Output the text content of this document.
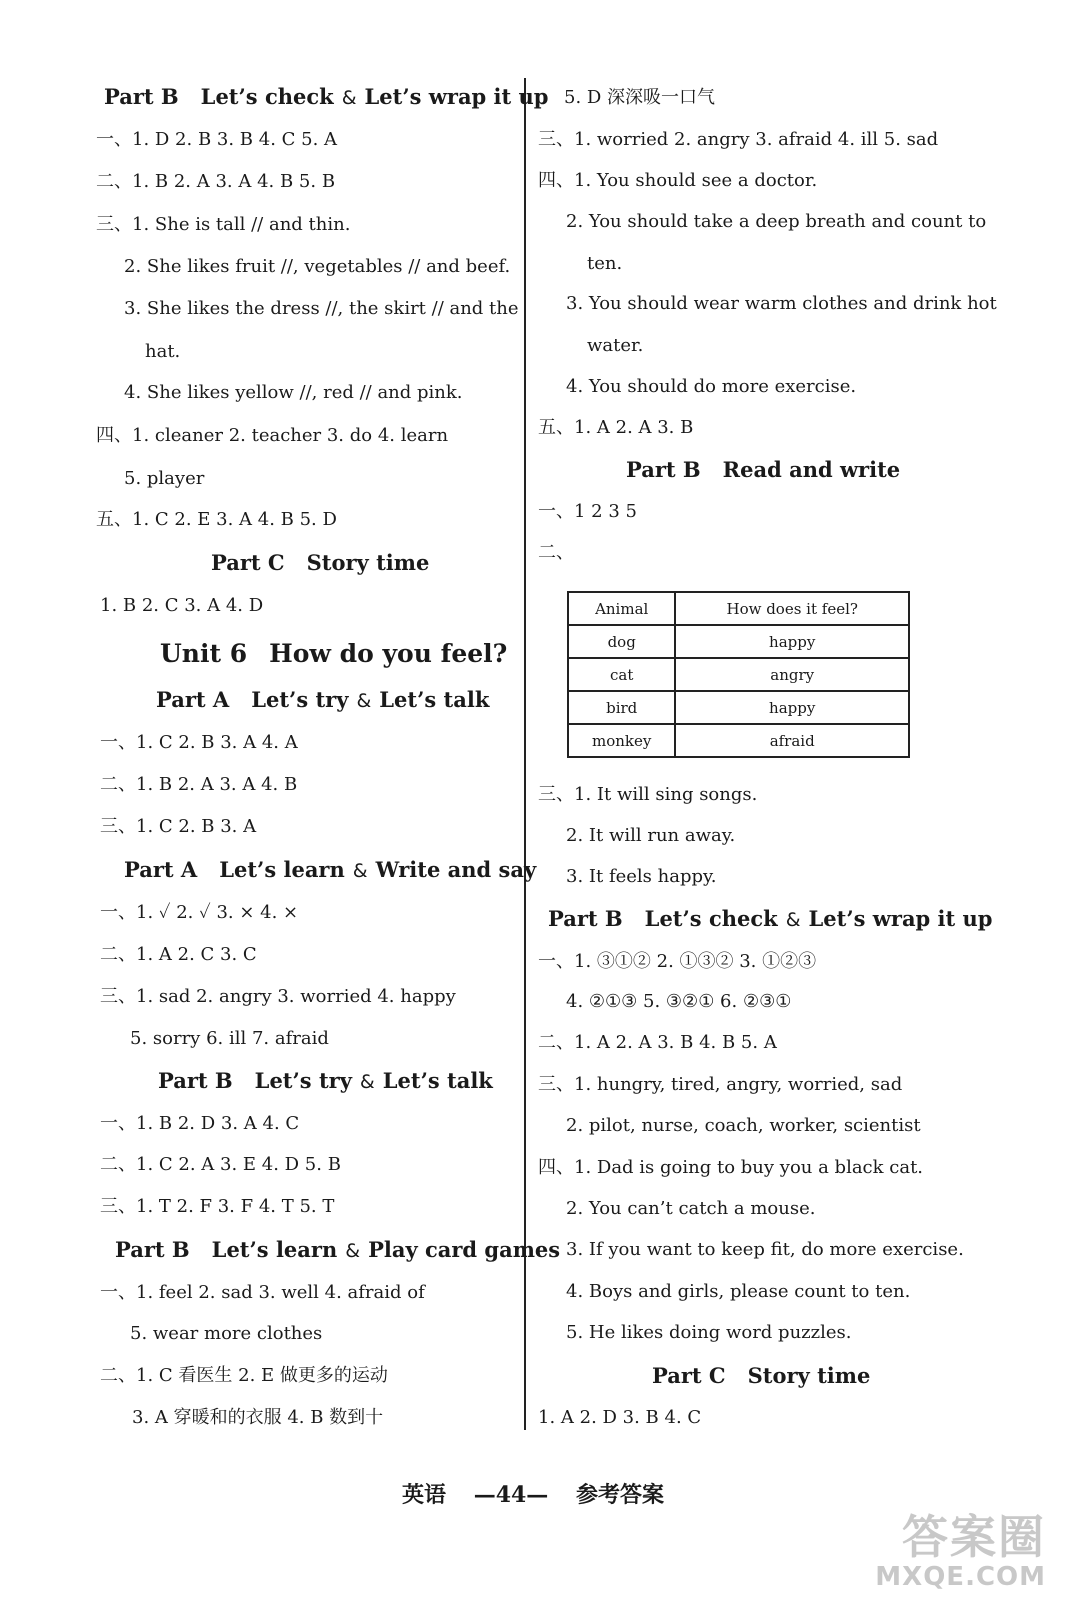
Part B Let’s check & Let’s wrap it up
一、1. D 2. B 3. B 4. C 5. A
二、1. B 2. A 3. A 4. B 5. B
三、1. She is tall // and thin.
2. She likes fruit //, vegetables // and beef.
3. She likes the dress //, the skirt // and the
hat.
4. She likes yellow //, red // and pink.
四、1. cleaner 2. teacher 3. do 4. learn
5. player
五、1. C 2. E 3. A 4. B 5. D
Part C Story time
1. B 2. C 3. A 4. D
Unit 6 How do you feel?
Part A Let’s try & Let’s talk
一、1. C 2. B 3. A 4. A
二、1. B 2. A 3. A 4. B
三、1. C 2. B 3. A
Part A Let’s learn & Write and say
一、1. ✓ 2. ✓ 3. × 4. ×
二、1. A 2. C 3. C
三、1. sad 2. angry 3. worried 4. happy
5. sorry 6. ill 7. afraid
Part B Let’s try & Let’s talk
一、1. B 2. D 3. A 4. C
二、1. C 2. A 3. E 4. D 5. B
三、1. T 2. F 3. F 4. T 5. T
Part B Let’s learn & Play card games
一、1. feel 2. sad 3. well 4. afraid of
5. wear more clothes
二、1. C 看医生 2. E 做更多的运动
3. A 穿暖和的衣服 4. B 数到十
5. D 深深吸一口气
三、1. worried 2. angry 3. afraid 4. ill 5. sad
四、1. You should see a doctor.
2. You should take a deep breath and count to
ten.
3. You should wear warm clothes and drink hot
water.
4. You should do more exercise.
五、1. A 2. A 3. B
Part B Read and write
一、1 2 3 5
二、
Animal	How does it feel?
dog	happy
cat	angry
bird	happy
monkey	afraid
三、1. It will sing songs.
2. It will run away.
3. It feels happy.
Part B Let’s check & Let’s wrap it up
一、1. ③①② 2. ①③② 3. ①②③
4. ②①③ 5. ③②① 6. ②③①
二、1. A 2. A 3. B 4. B 5. A
三、1. hungry, tired, angry, worried, sad
2. pilot, nurse, coach, worker, scientist
四、1. Dad is going to buy you a black cat.
2. You can’t catch a mouse.
3. If you want to keep fit, do more exercise.
4. Boys and girls, please count to ten.
5. He likes doing word puzzles.
Part C Story time
1. A 2. D 3. B 4. C
英语 —44— 参考答案
答案圈
MXQE.COM
